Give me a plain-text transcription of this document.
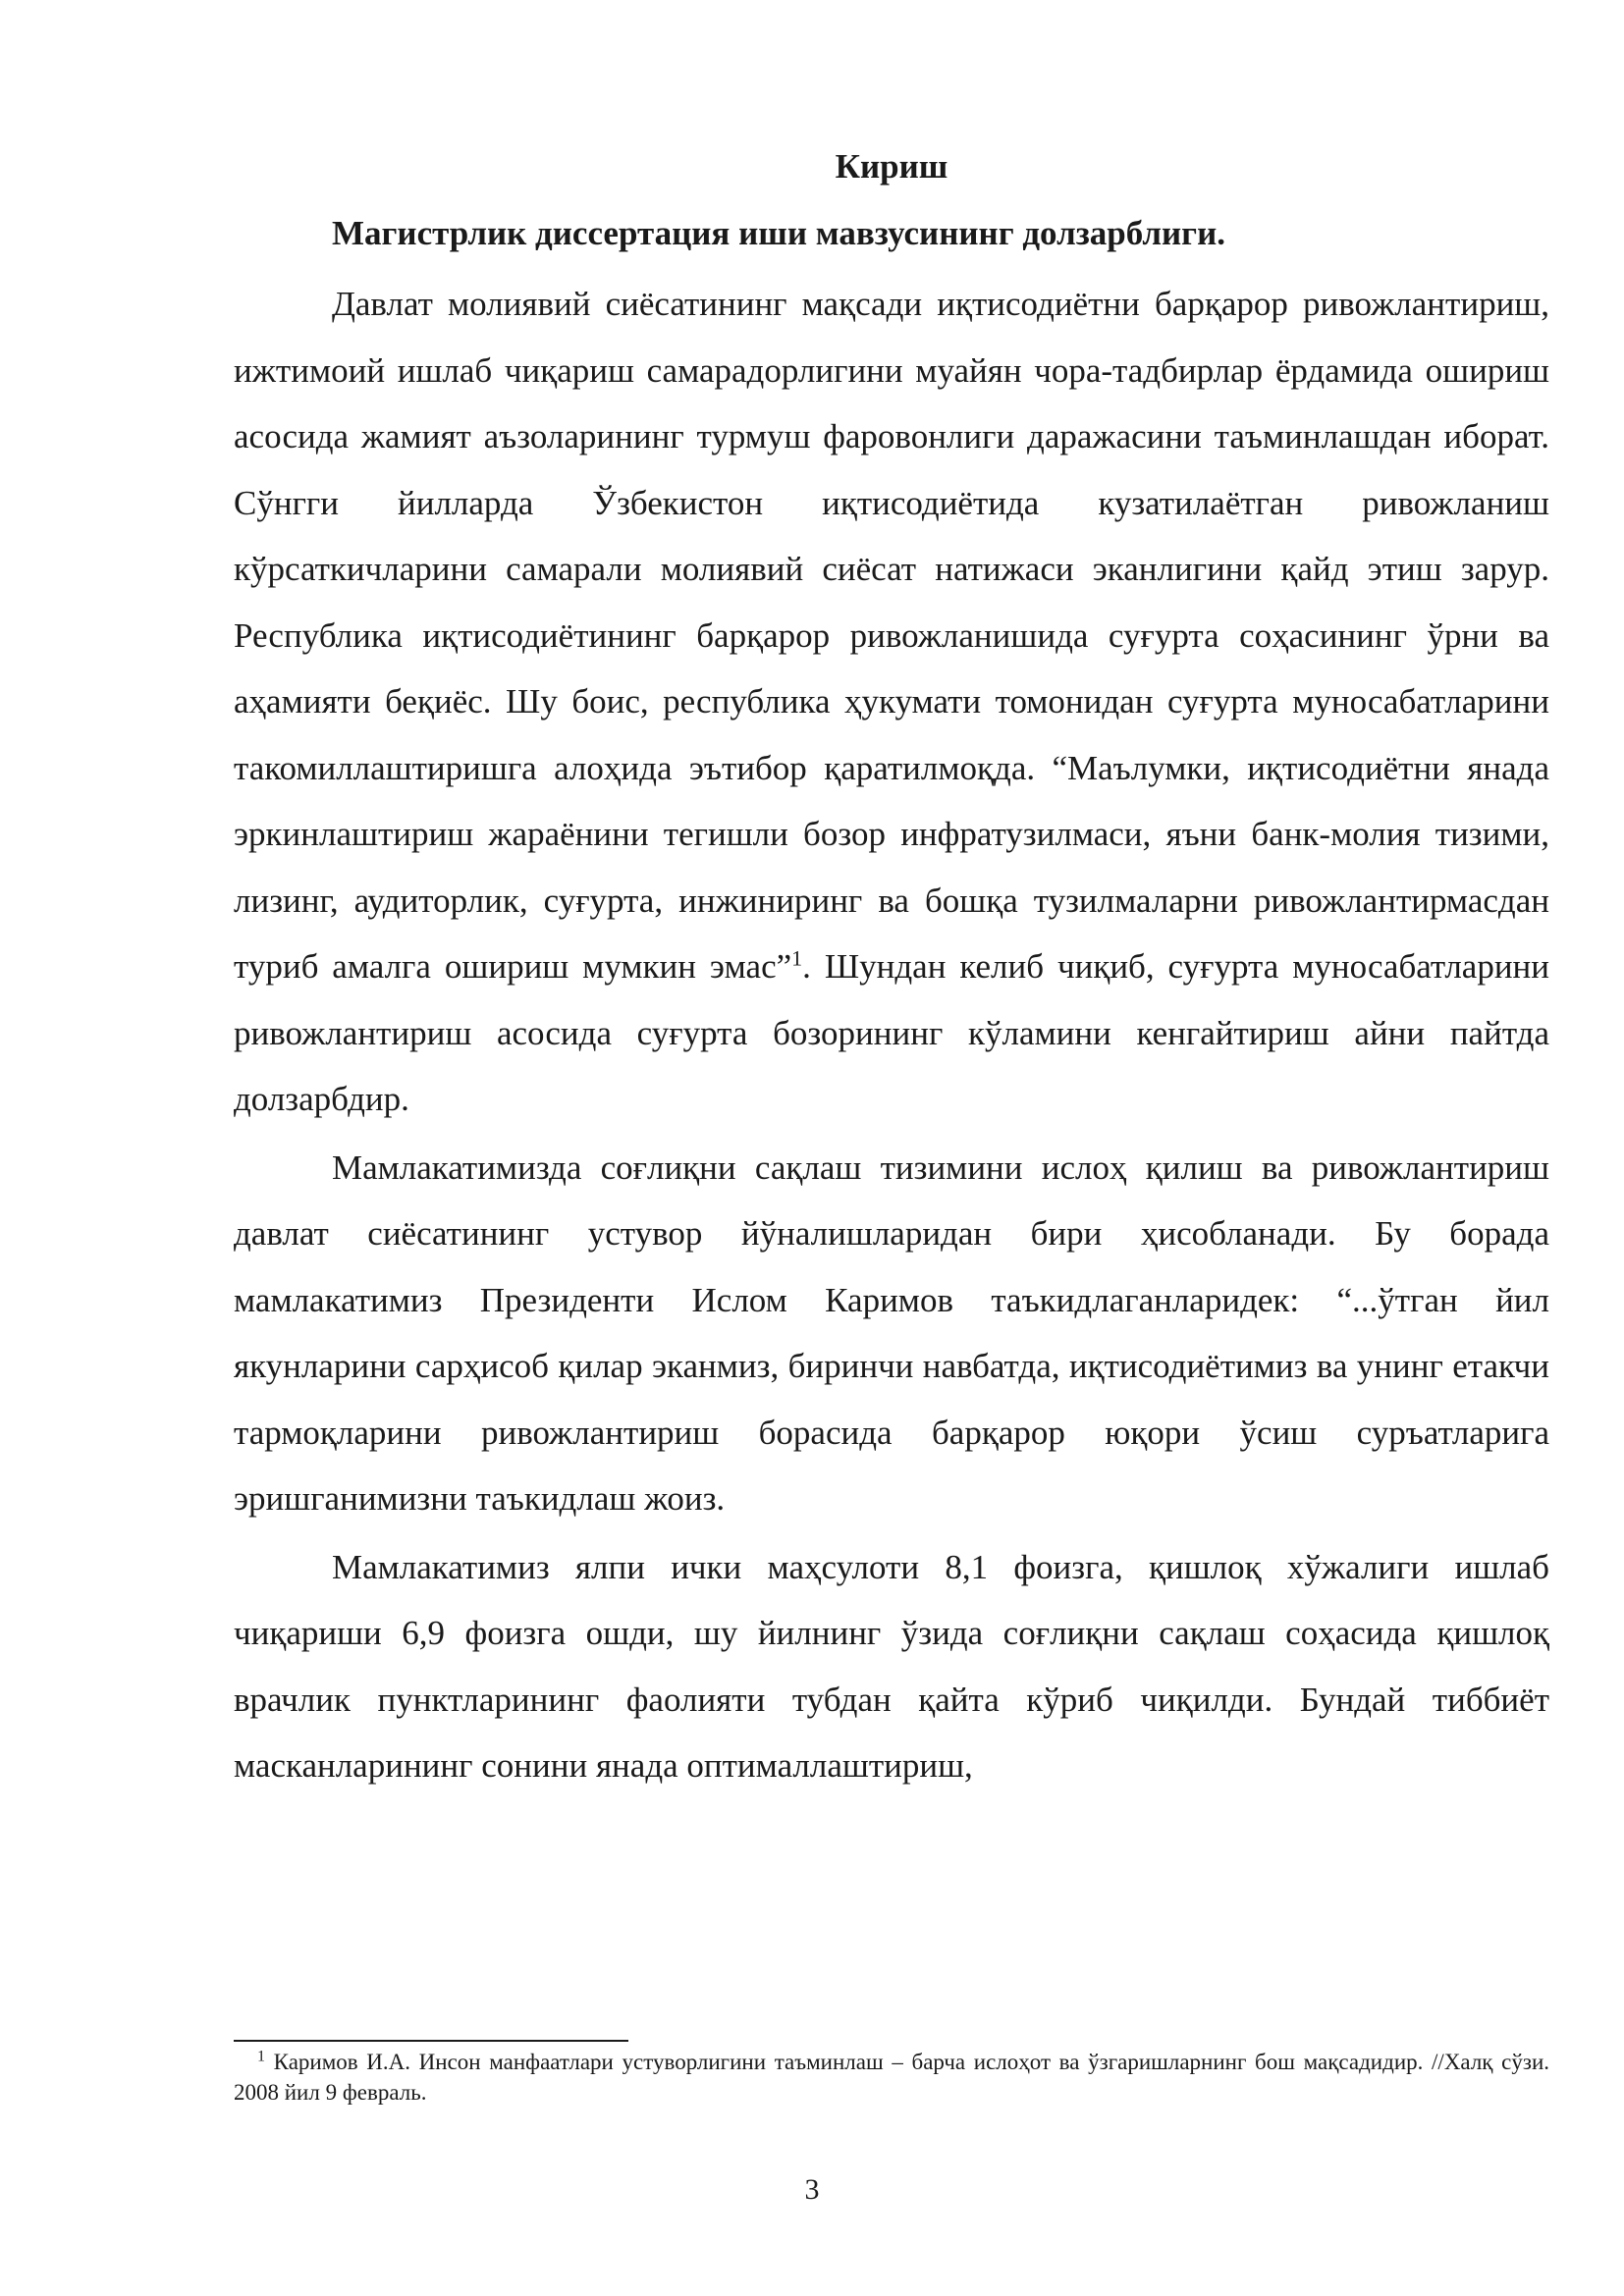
Кириш
Магистрлик диссертация иши мавзусининг долзарблиги.

Давлат молиявий сиёсатининг мақсади иқтисодиётни барқарор ривожлантириш, ижтимоий ишлаб чиқариш самарадорлигини муайян чора-тадбирлар ёрдамида ошириш асосида жамият аъзоларининг турмуш фаровонлиги даражасини таъминлашдан иборат. Сўнгги йилларда Ўзбекистон иқтисодиётида кузатилаётган ривожланиш кўрсаткичларини самарали молиявий сиёсат натижаси эканлигини қайд этиш зарур. Республика иқтисодиётининг барқарор ривожланишида суғурта соҳасининг ўрни ва аҳамияти беқиёс. Шу боис, республика ҳукумати томонидан суғурта муносабатларини такомиллаштиришга алоҳида эътибор қаратилмоқда. “Маълумки, иқтисодиётни янада эркинлаштириш жараёнини тегишли бозор инфратузилмаси, яъни банк-молия тизими, лизинг, аудиторлик, суғурта, инжиниринг ва бошқа тузилмаларни ривожлантирмасдан туриб амалга ошириш мумкин эмас”$^1$. Шундан келиб чиқиб, суғурта муносабатларини ривожлантириш асосида суғурта бозорининг кўламини кенгайтириш айни пайтда долзарбдир.

Мамлакатимизда соғлиқни сақлаш тизимини ислоҳ қилиш ва ривожлантириш давлат сиёсатининг устувор йўналишларидан бири ҳисобланади. Бу борада мамлакатимиз Президенти Ислом Каримов таъкидлаганларидек: “...ўтган йил якунларини сарҳисоб қилар эканмиз, биринчи навбатда, иқтисодиётимиз ва унинг етакчи тармоқларини ривожлантириш борасида барқарор юқори ўсиш суръатларига эришганимизни таъкидлаш жоиз.

Мамлакатимиз ялпи ички маҳсулоти 8,1 фоизга, қишлоқ хўжалиги ишлаб чиқариши 6,9 фоизга ошди, шу йилнинг ўзида соғлиқни сақлаш соҳасида қишлоқ врачлик пунктларининг фаолияти тубдан қайта кўриб чиқилди. Бундай тиббиёт масканларининг сонини янада оптималлаштириш,

$^1$ Каримов И.А. Инсон манфаатлари устуворлигини таъминлаш – барча ислоҳот ва ўзгаришларнинг бош мақсадидир. //Халқ сўзи. 2008 йил 9 февраль.
3
